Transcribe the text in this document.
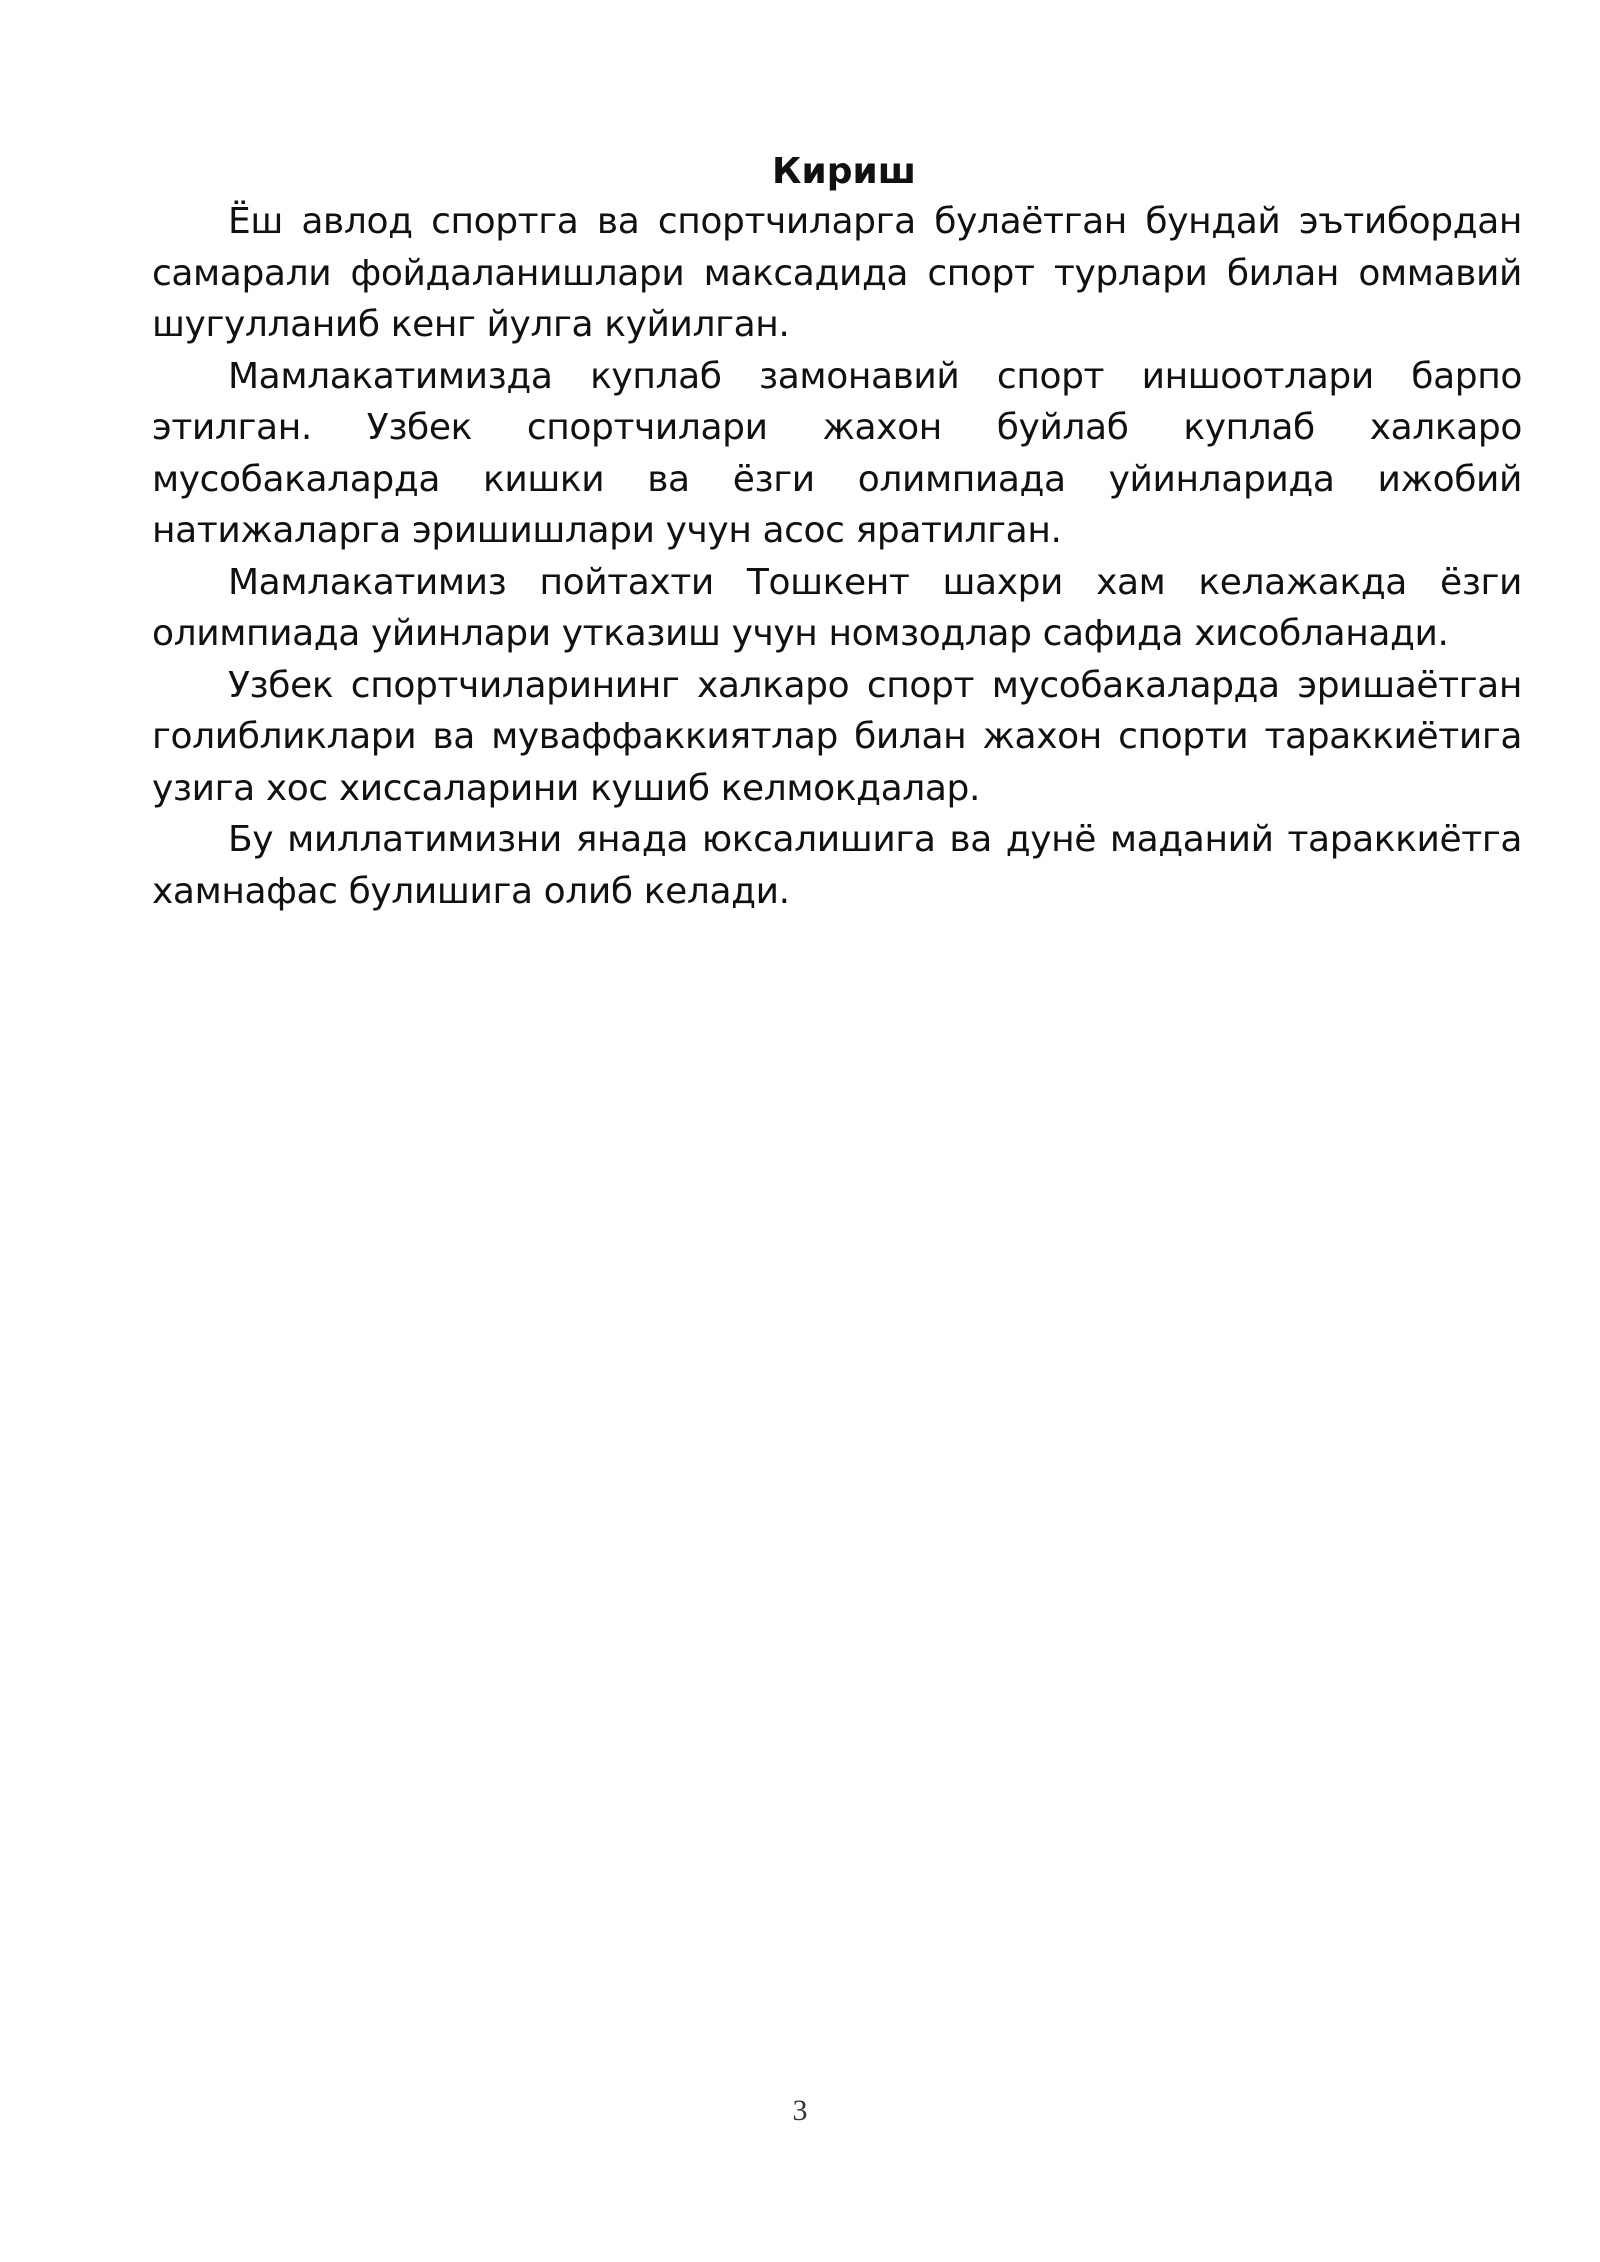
Кириш

Ёш авлод спортга ва спортчиларга булаётган бундай эътибордан самарали фойдаланишлари максадида спорт турлари билан оммавий шугулланиб кенг йулга куйилган.

Мамлакатимизда куплаб замонавий спорт иншоотлари барпо этилган. Узбек спортчилари жахон буйлаб куплаб халкаро мусобакаларда кишки ва ёзги олимпиада уйинларида ижобий натижаларга эришишлари учун асос яратилган.

Мамлакатимиз пойтахти Тошкент шахри хам келажакда ёзги олимпиада уйинлари утказиш учун номзодлар сафида хисобланади.

Узбек спортчиларининг халкаро спорт мусобакаларда эришаётган голибликлари ва муваффаккиятлар билан жахон спорти тараккиётига узига хос хиссаларини кушиб келмокдалар.

Бу миллатимизни янада юксалишига ва дунё маданий тараккиётга хамнафас булишига олиб келади.

3
